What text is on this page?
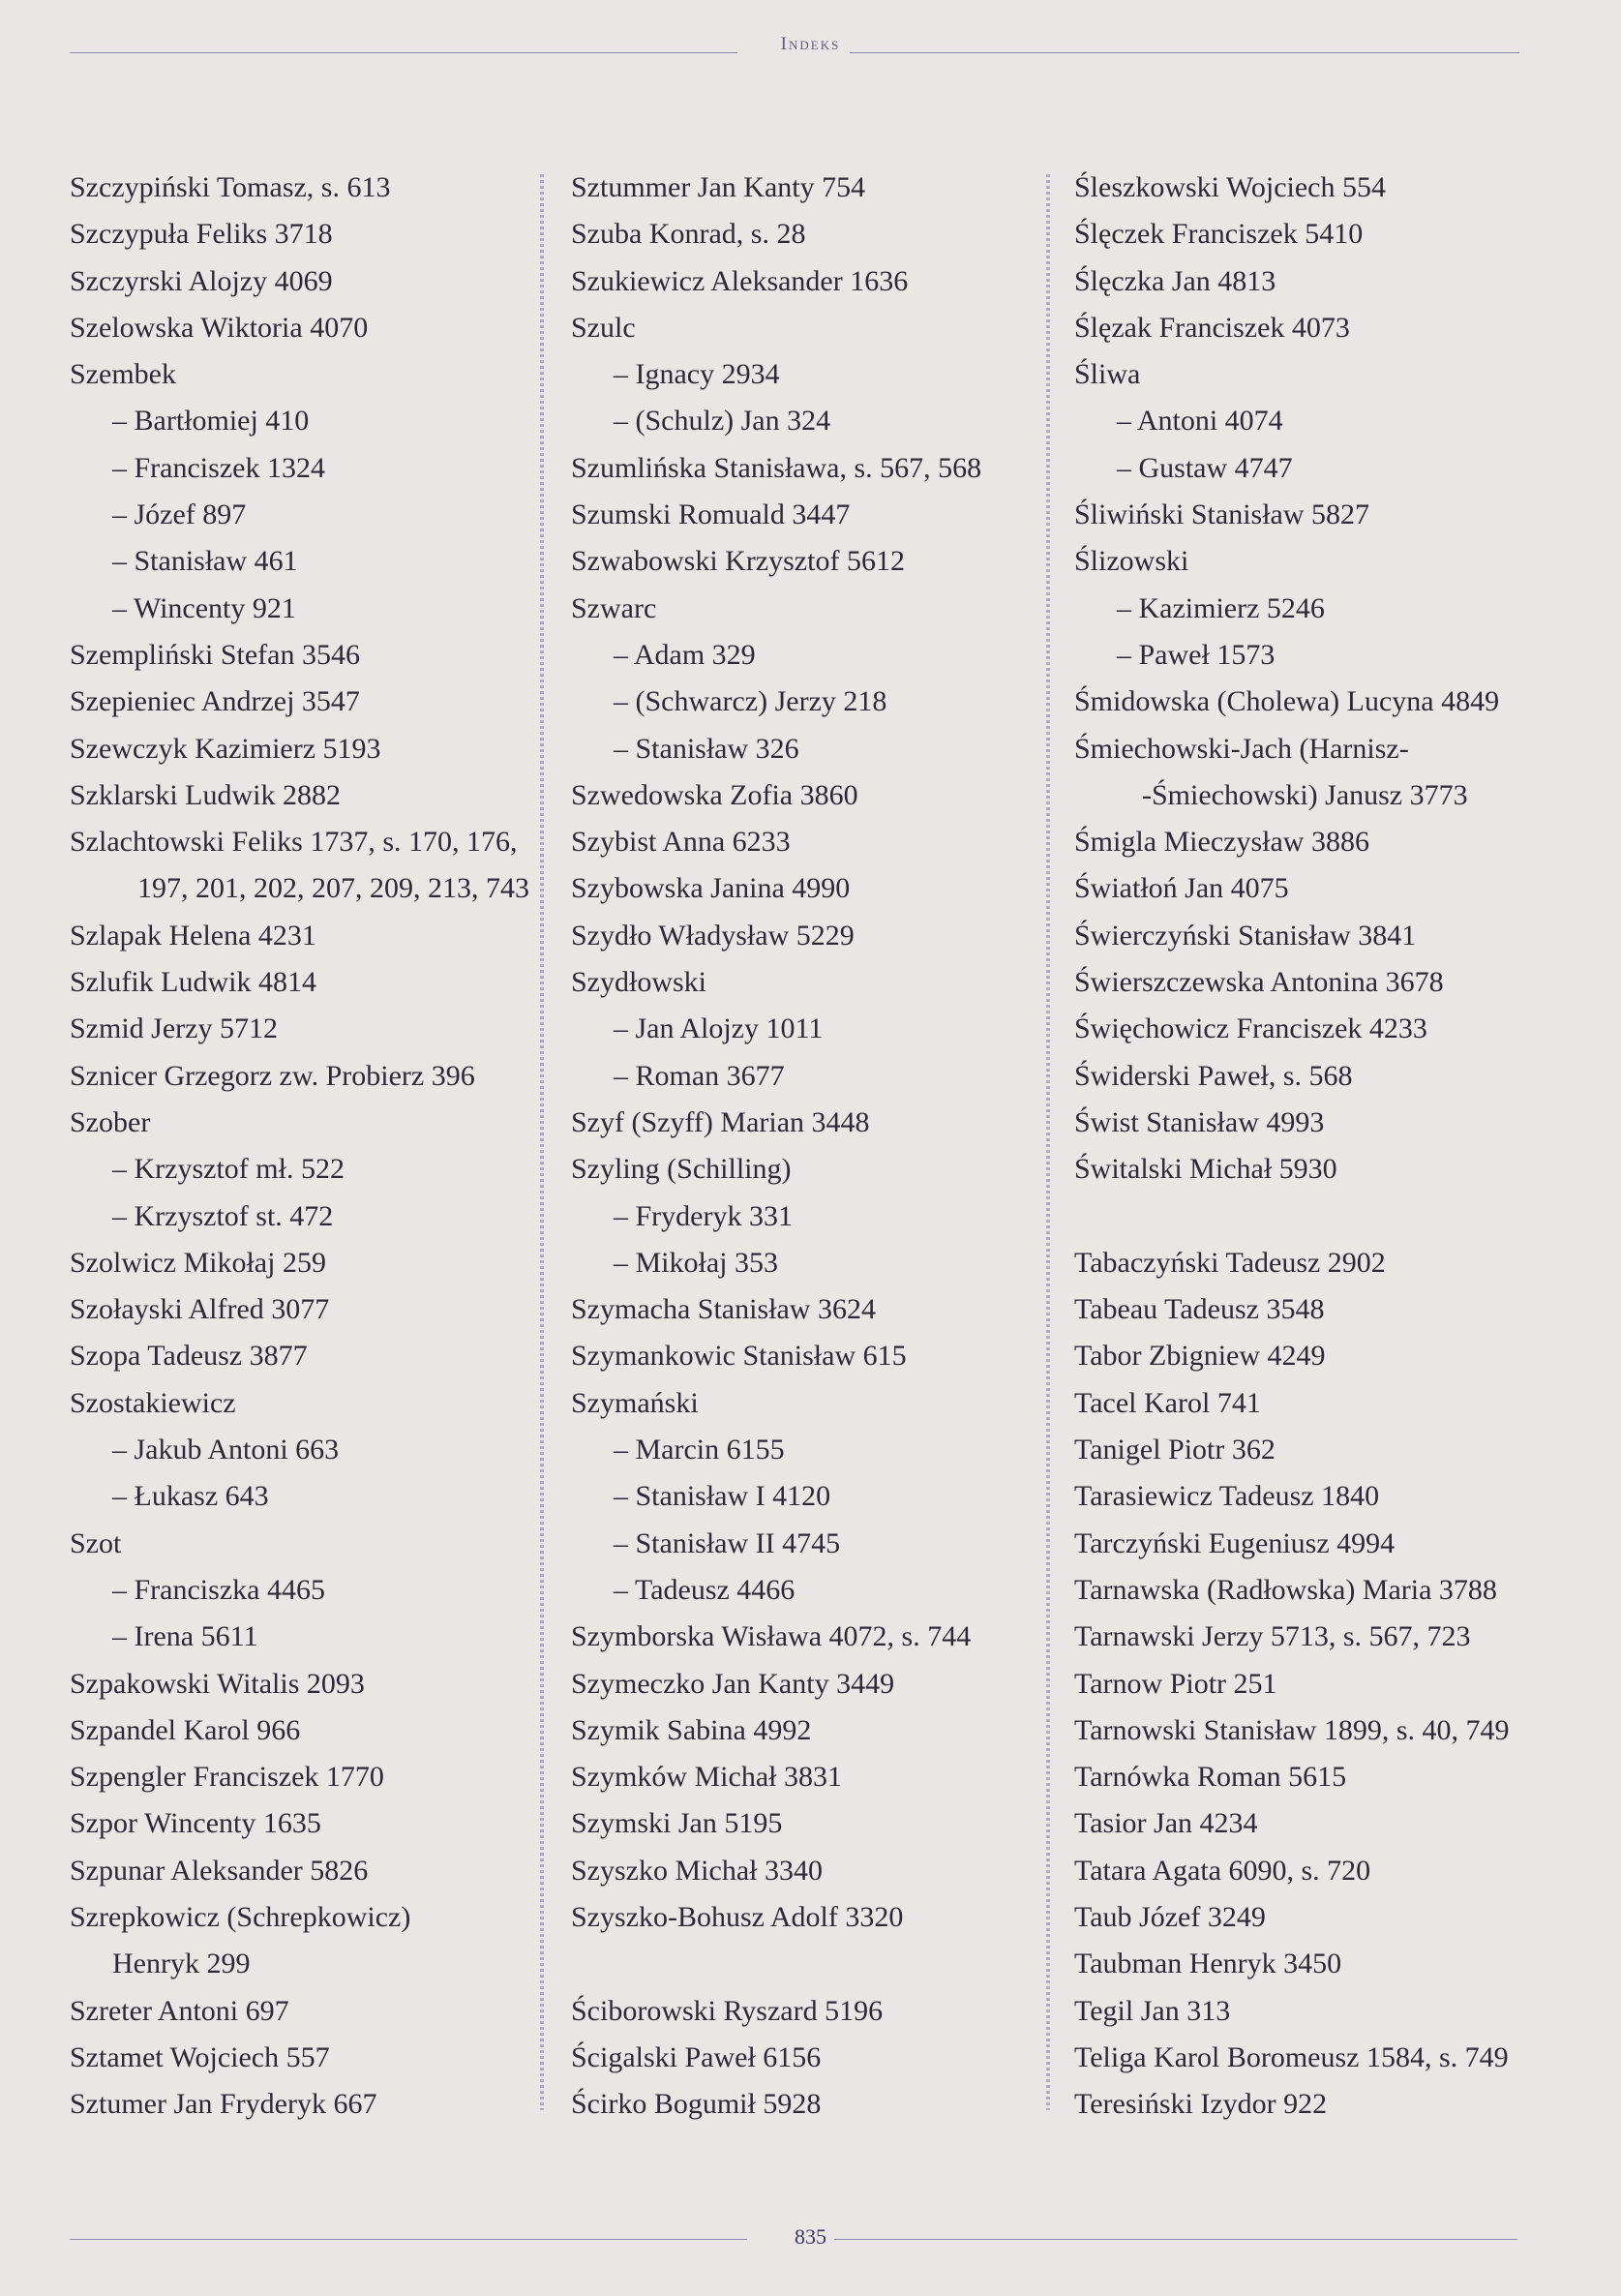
Indeks
Szczypiński Tomasz, s. 613
Szczypuła Feliks 3718
Szczyrski Alojzy 4069
Szelowska Wiktoria 4070
Szembek
– Bartłomiej 410
– Franciszek 1324
– Józef 897
– Stanisław 461
– Wincenty 921
Szempliński Stefan 3546
Szepieniec Andrzej 3547
Szewczyk Kazimierz 5193
Szklarski Ludwik 2882
Szlachtowski Feliks 1737, s. 170, 176,
197, 201, 202, 207, 209, 213, 743
Szlapak Helena 4231
Szlufik Ludwik 4814
Szmid Jerzy 5712
Sznicer Grzegorz zw. Probierz 396
Szober
– Krzysztof mł. 522
– Krzysztof st. 472
Szolwicz Mikołaj 259
Szołayski Alfred 3077
Szopa Tadeusz 3877
Szostakiewicz
– Jakub Antoni 663
– Łukasz 643
Szot
– Franciszka 4465
– Irena 5611
Szpakowski Witalis 2093
Szpandel Karol 966
Szpengler Franciszek 1770
Szpor Wincenty 1635
Szpunar Aleksander 5826
Szrepkowicz (Schrepkowicz)
Henryk 299
Szreter Antoni 697
Sztamet Wojciech 557
Sztumer Jan Fryderyk 667
Sztummer Jan Kanty 754
Szuba Konrad, s. 28
Szukiewicz Aleksander 1636
Szulc
– Ignacy 2934
– (Schulz) Jan 324
Szumlińska Stanisława, s. 567, 568
Szumski Romuald 3447
Szwabowski Krzysztof 5612
Szwarc
– Adam 329
– (Schwarcz) Jerzy 218
– Stanisław 326
Szwedowska Zofia 3860
Szybist Anna 6233
Szybowska Janina 4990
Szydło Władysław 5229
Szydłowski
– Jan Alojzy 1011
– Roman 3677
Szyf (Szyff) Marian 3448
Szyling (Schilling)
– Fryderyk 331
– Mikołaj 353
Szymacha Stanisław 3624
Szymankowic Stanisław 615
Szymański
– Marcin 6155
– Stanisław I 4120
– Stanisław II 4745
– Tadeusz 4466
Szymborska Wisława 4072, s. 744
Szymeczko Jan Kanty 3449
Szymik Sabina 4992
Szymków Michał 3831
Szymski Jan 5195
Szyszko Michał 3340
Szyszko-Bohusz Adolf 3320
Ściborowski Ryszard 5196
Ścigalski Paweł 6156
Ścirko Bogumił 5928
Śleszkowski Wojciech 554
Ślęczek Franciszek 5410
Ślęczka Jan 4813
Ślęzak Franciszek 4073
Śliwa
– Antoni 4074
– Gustaw 4747
Śliwiński Stanisław 5827
Ślizowski
– Kazimierz 5246
– Paweł 1573
Śmidowska (Cholewa) Lucyna 4849
Śmiechowski-Jach (Harnisz-
-Śmiechowski) Janusz 3773
Śmigla Mieczysław 3886
Światłoń Jan 4075
Świerczyński Stanisław 3841
Świerszczewska Antonina 3678
Święchowicz Franciszek 4233
Świderski Paweł, s. 568
Świst Stanisław 4993
Świtalski Michał 5930
Tabaczyński Tadeusz 2902
Tabeau Tadeusz 3548
Tabor Zbigniew 4249
Tacel Karol 741
Tanigel Piotr 362
Tarasiewicz Tadeusz 1840
Tarczyński Eugeniusz 4994
Tarnawska (Radłowska) Maria 3788
Tarnawski Jerzy 5713, s. 567, 723
Tarnow Piotr 251
Tarnowski Stanisław 1899, s. 40, 749
Tarnówka Roman 5615
Tasior Jan 4234
Tatara Agata 6090, s. 720
Taub Józef 3249
Taubman Henryk 3450
Tegil Jan 313
Teliga Karol Boromeusz 1584, s. 749
Teresiński Izydor 922
835
